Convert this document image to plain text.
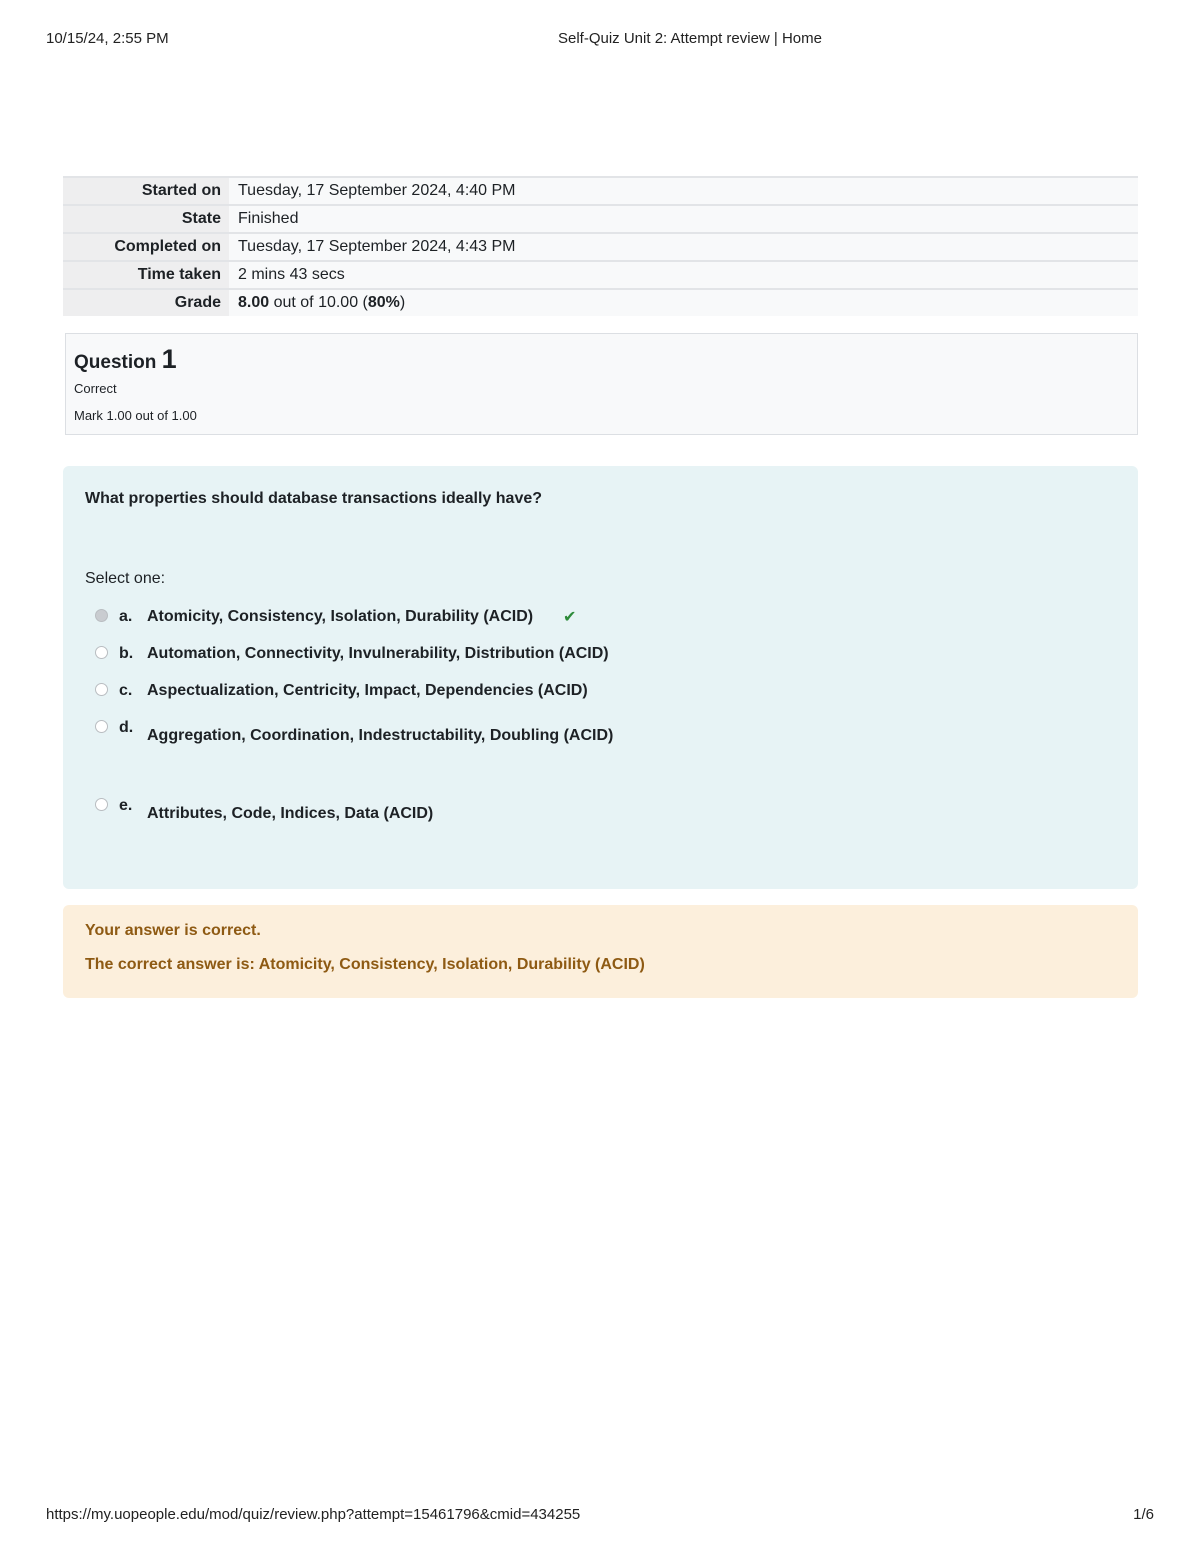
10/15/24, 2:55 PM	Self-Quiz Unit 2: Attempt review | Home
Started on	Tuesday, 17 September 2024, 4:40 PM
State	Finished
Completed on	Tuesday, 17 September 2024, 4:43 PM
Time taken	2 mins 43 secs
Grade	8.00 out of 10.00 (80%)
Question 1
Correct
Mark 1.00 out of 1.00
What properties should database transactions ideally have?
Select one:
a. Atomicity, Consistency, Isolation, Durability (ACID) ✔
b. Automation, Connectivity, Invulnerability, Distribution (ACID)
c. Aspectualization, Centricity, Impact, Dependencies (ACID)
d. Aggregation, Coordination, Indestructability, Doubling (ACID)
e. Attributes, Code, Indices, Data (ACID)
Your answer is correct.
The correct answer is: Atomicity, Consistency, Isolation, Durability (ACID)
https://my.uopeople.edu/mod/quiz/review.php?attempt=15461796&cmid=434255	1/6
